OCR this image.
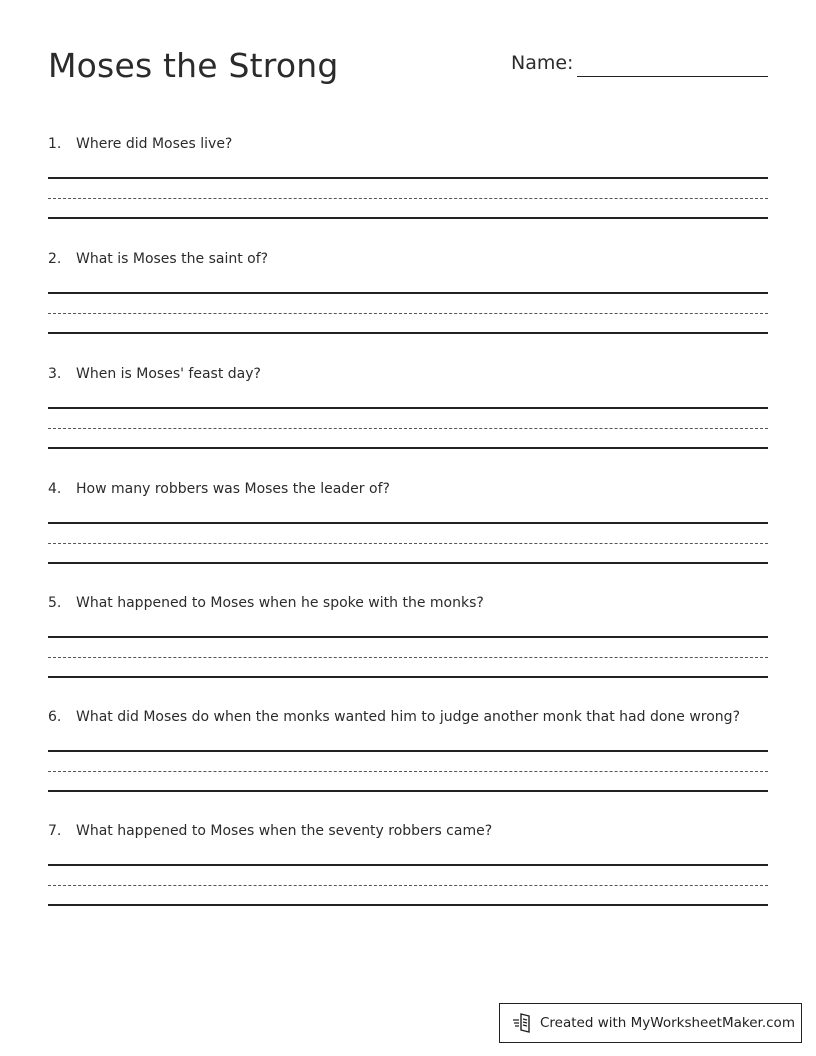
Moses the Strong	Name:
1. Where did Moses live?
2. What is Moses the saint of?
3. When is Moses' feast day?
4. How many robbers was Moses the leader of?
5. What happened to Moses when he spoke with the monks?
6. What did Moses do when the monks wanted him to judge another monk that had done wrong?
7. What happened to Moses when the seventy robbers came?
Created with MyWorksheetMaker.com
